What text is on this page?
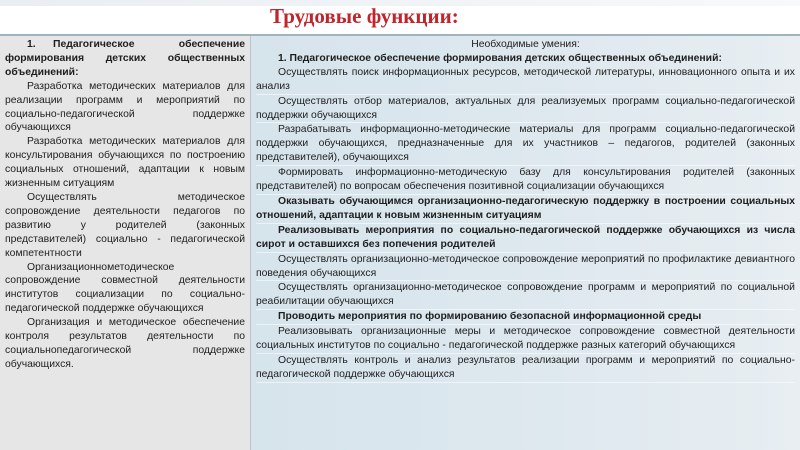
Трудовые функции:

1. Педагогическое обеспечение формирования детских общественных объединений:

Разработка методических материалов для реализации программ и мероприятий по социально-педагогической поддержке обучающихся

Разработка методических материалов для консультирования обучающихся по построению социальных отношений, адаптации к новым жизненным ситуациям

Осуществлять методическое сопровождение деятельности педагогов по развитию у родителей (законных представителей) социально - педагогической компетентности

Организационнометодическое сопровождение совместной деятельности институтов социализации по социально-педагогической поддержке обучающихся

Организация и методическое обеспечение контроля результатов деятельности по социальнопедагогической поддержке обучающихся.

Необходимые умения:

1. Педагогическое обеспечение формирования детских общественных объединений:

Осуществлять поиск информационных ресурсов, методической литературы, инновационного опыта и их анализ

Осуществлять отбор материалов, актуальных для реализуемых программ социально-педагогической поддержки обучающихся

Разрабатывать информационно-методические материалы для программ социально-педагогической поддержки обучающихся, предназначенные для их участников – педагогов, родителей (законных представителей), обучающихся

Формировать информационно-методическую базу для консультирования родителей (законных представителей) по вопросам обеспечения позитивной социализации обучающихся

Оказывать обучающимся организационно-педагогическую поддержку в построении социальных отношений, адаптации к новым жизненным ситуациям

Реализовывать мероприятия по социально-педагогической поддержке обучающихся из числа сирот и оставшихся без попечения родителей

Осуществлять организационно-методическое сопровождение мероприятий по профилактике девиантного поведения обучающихся

Осуществлять организационно-методическое сопровождение программ и мероприятий по социальной реабилитации обучающихся

Проводить мероприятия по формированию безопасной информационной среды

Реализовывать организационные меры и методическое сопровождение совместной деятельности социальных институтов по социально - педагогической поддержке разных категорий обучающихся

Осуществлять контроль и анализ результатов реализации программ и мероприятий по социально-педагогической поддержке обучающихся
